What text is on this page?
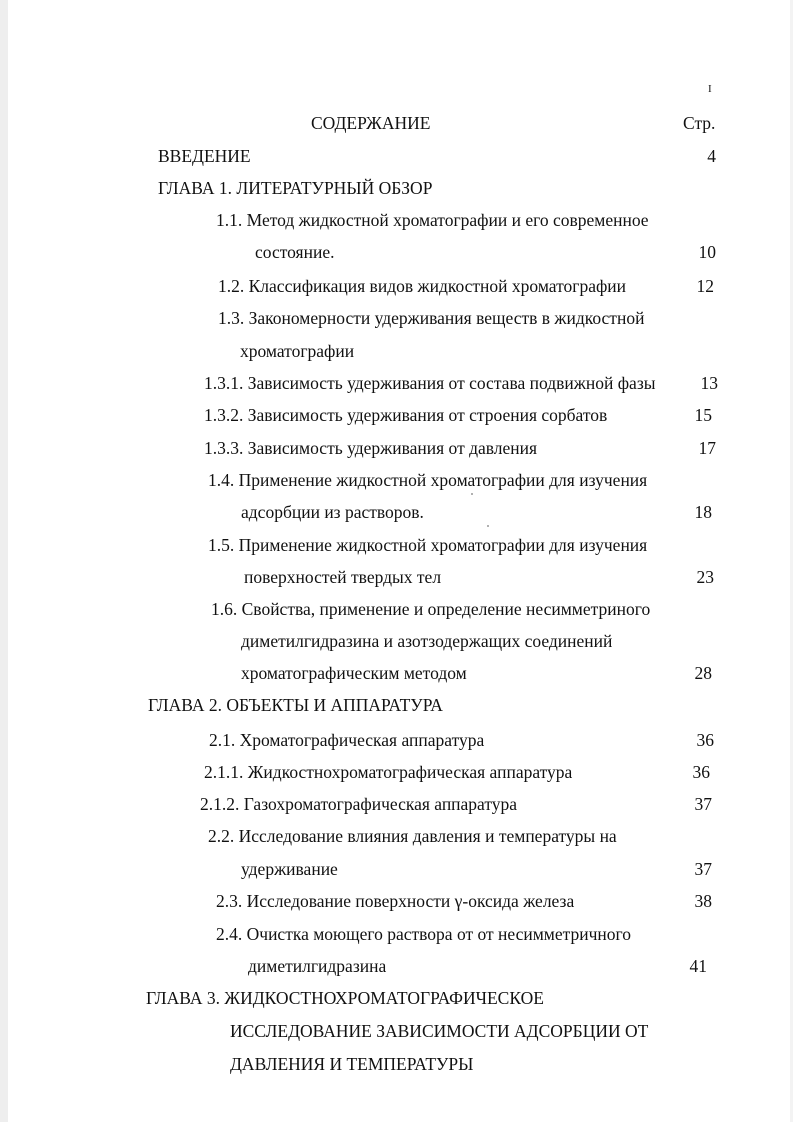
I
СОДЕРЖАНИЕ	Стр.
ВВЕДЕНИЕ	4
ГЛАВА 1. ЛИТЕРАТУРНЫЙ ОБЗОР
1.1. Метод жидкостной хроматографии и его современное
состояние.	10
1.2. Классификация видов жидкостной хроматографии	12
1.3. Закономерности удерживания веществ в жидкостной
хроматографии
1.3.1. Зависимость удерживания от состава подвижной фазы	13
1.3.2. Зависимость удерживания от строения сорбатов	15
1.3.3. Зависимость удерживания от давления	17
1.4. Применение жидкостной хроматографии для изучения
адсорбции из растворов.	18
1.5. Применение жидкостной хроматографии для изучения
поверхностей твердых тел	23
1.6. Свойства, применение и определение несимметриного
диметилгидразина и азотзодержащих соединений
хроматографическим методом	28
ГЛАВА 2. ОБЪЕКТЫ И АППАРАТУРА
2.1. Хроматографическая аппаратура	36
2.1.1. Жидкостнохроматографическая аппаратура	36
2.1.2. Газохроматографическая аппаратура	37
2.2. Исследование влияния давления и температуры на
удерживание	37
2.3. Исследование поверхности γ-оксида железа	38
2.4. Очистка моющего раствора от от несимметричного
диметилгидразина	41
ГЛАВА 3. ЖИДКОСТНОХРОМАТОГРАФИЧЕСКОЕ
ИССЛЕДОВАНИЕ ЗАВИСИМОСТИ АДСОРБЦИИ ОТ
ДАВЛЕНИЯ И ТЕМПЕРАТУРЫ
